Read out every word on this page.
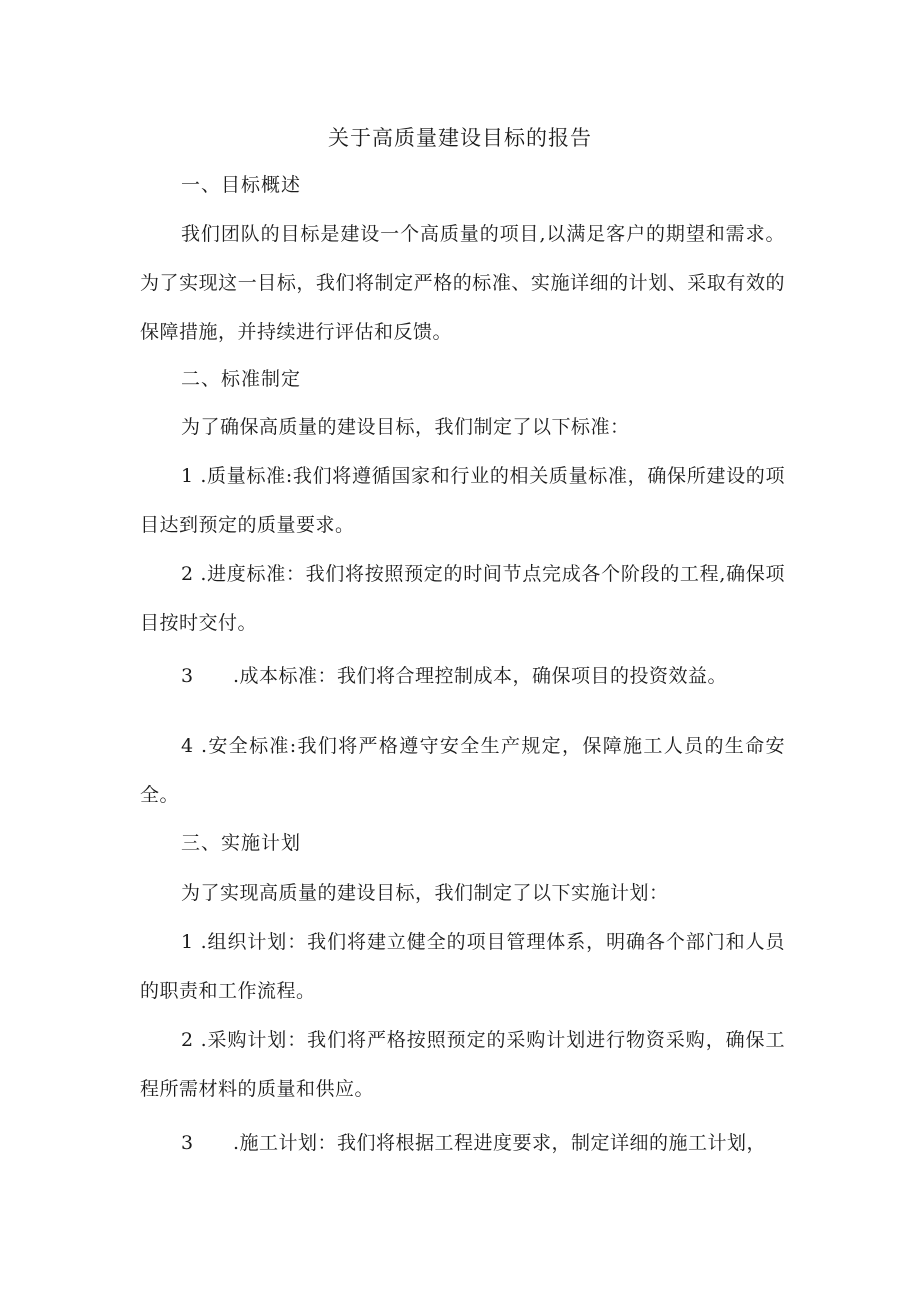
关于高质量建设目标的报告
一、目标概述
我们团队的目标是建设一个高质量的项目,以满足客户的期望和需求。为了实现这一目标，我们将制定严格的标准、实施详细的计划、采取有效的保障措施，并持续进行评估和反馈。
二、标准制定
为了确保高质量的建设目标，我们制定了以下标准：
1 .质量标准:我们将遵循国家和行业的相关质量标准，确保所建设的项目达到预定的质量要求。
2 .进度标准：我们将按照预定的时间节点完成各个阶段的工程,确保项目按时交付。
3 .成本标准：我们将合理控制成本，确保项目的投资效益。
4 .安全标准:我们将严格遵守安全生产规定，保障施工人员的生命安全。
三、实施计划
为了实现高质量的建设目标，我们制定了以下实施计划：
1 .组织计划：我们将建立健全的项目管理体系，明确各个部门和人员的职责和工作流程。
2 .采购计划：我们将严格按照预定的采购计划进行物资采购，确保工程所需材料的质量和供应。
3 .施工计划：我们将根据工程进度要求，制定详细的施工计划，
